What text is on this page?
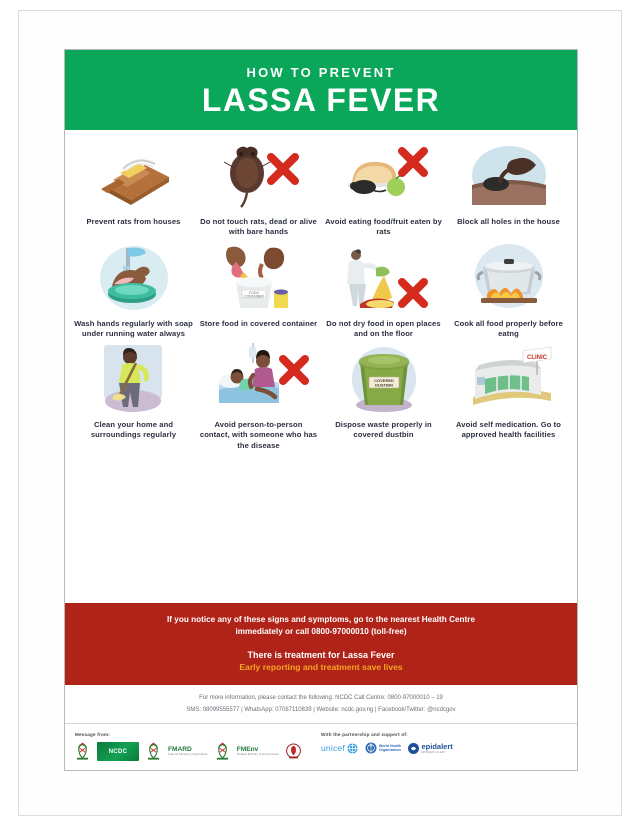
HOW TO PREVENT
LASSA FEVER
Prevent rats from houses	Do not touch rats, dead or alive with bare hands
Avoid eating food/fruit eaten by rats
Block all holes in the house
Wash hands regularly with soap under running water always
FOOD
CONTAINER
Store food in covered container	Do not dry food in open places and on the floor
Cook all food properly before eatng
Clean your home and surroundings regularly
Avoid person-to-person contact, with someone who has the disease
COVERED
DUSTBIN
Dispose waste properly in covered dustbin
CLINIC
Avoid self medication. Go to approved health facilities
If you notice any of these signs and symptoms, go to the nearest Health Centre
immediately or call 0800-97000010 (toll-free)
There is treatment for Lassa Fever
Early reporting and treatment save lives
For more information, please contact the following: NCDC Call Centre: 0800-97000010 – 19
SMS: 08099555577 | WhatsApp: 07087110839 | Website: ncdc.gov.ng | Facebook/Twitter: @ncdcgov
Message from:
NCDC	FMARD
Federal Ministry of Agriculture
FMEnv
Federal Ministry of Environment
With the partnership and support of:
unicef	World Health
Organization	epidalert
EPIDEMIC ALERT
